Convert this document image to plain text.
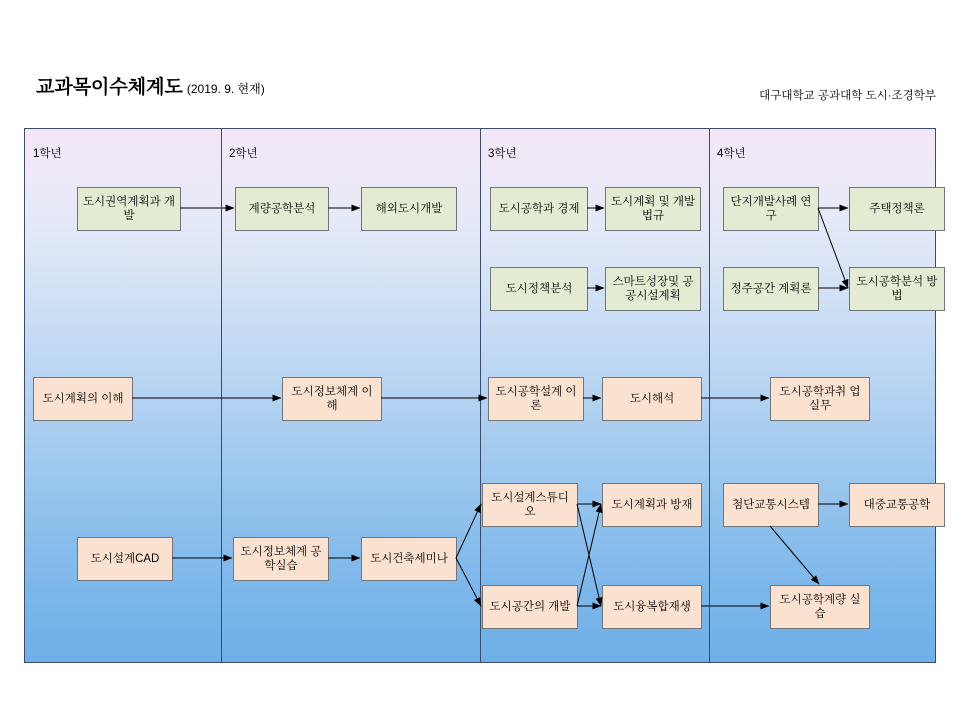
교과목이수체계도 (2019. 9. 현재)	대구대학교 공과대학 도시·조경학부
1학년	2학년	3학년	4학년
도시권역계획과 개발
계량공학분석	해외도시개발	도시공학과 경제
도시계획 및 개발법규
단지개발사례 연구
주택정책론
도시정책분석
스마트성장및 공공시설계획
정주공간 계획론
도시공학분석 방법
도시계획의 이해
도시정보체계 이해
도시공학설계 이론
도시해석
도시공학과취 업실무
도시설계스튜디오
도시계획과 방재	첨단교통시스템	대중교통공학
도시설계CAD
도시정보체계 공학실습
도시건축세미나
도시공간의 개발	도시융복합재생
도시공학계량 실습
